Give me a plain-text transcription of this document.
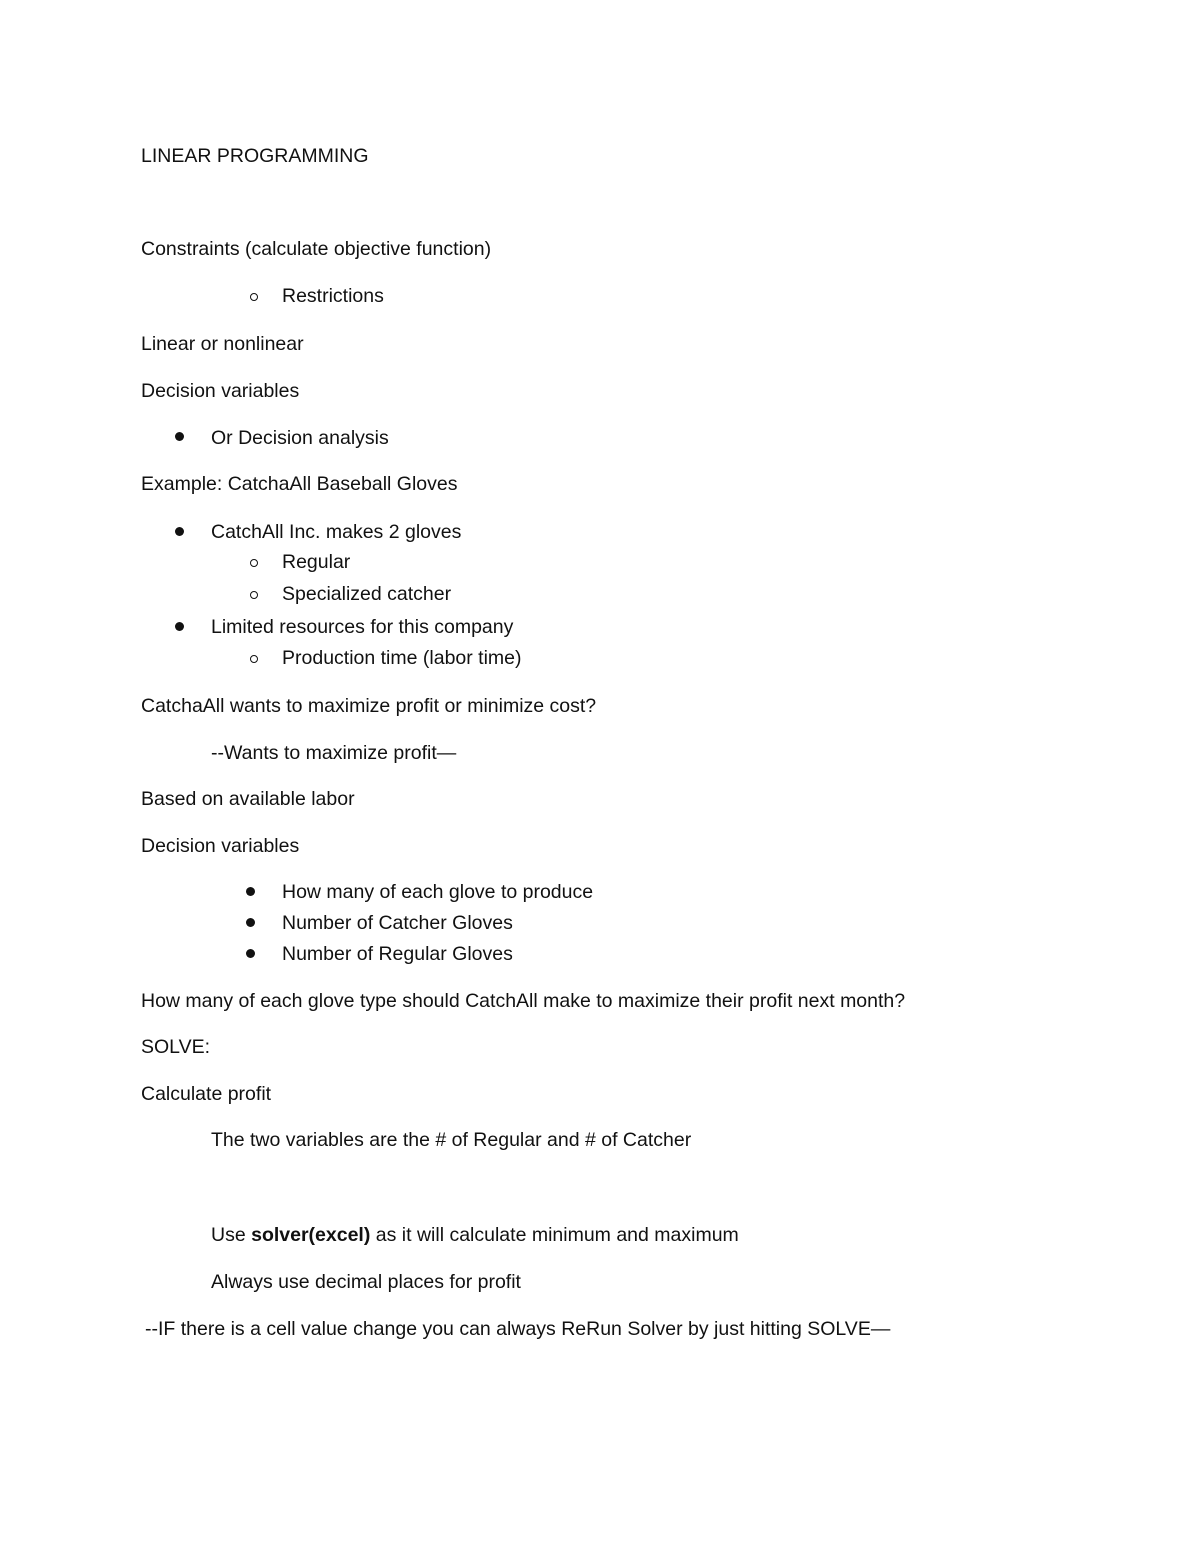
LINEAR PROGRAMMING
Constraints (calculate objective function)
Restrictions
Linear or nonlinear
Decision variables
Or Decision analysis
Example: CatchaAll Baseball Gloves
CatchAll Inc. makes 2 gloves
Regular
Specialized catcher
Limited resources for this company
Production time (labor time)
CatchaAll wants to maximize profit or minimize cost?
--Wants to maximize profit—
Based on available labor
Decision variables
How many of each glove to produce
Number of Catcher Gloves
Number of Regular Gloves
How many of each glove type should CatchAll make to maximize their profit next month?
SOLVE:
Calculate profit
The two variables are the # of Regular and # of Catcher
Use solver(excel) as it will calculate minimum and maximum
Always use decimal places for profit
--IF there is a cell value change you can always ReRun Solver by just hitting SOLVE—
